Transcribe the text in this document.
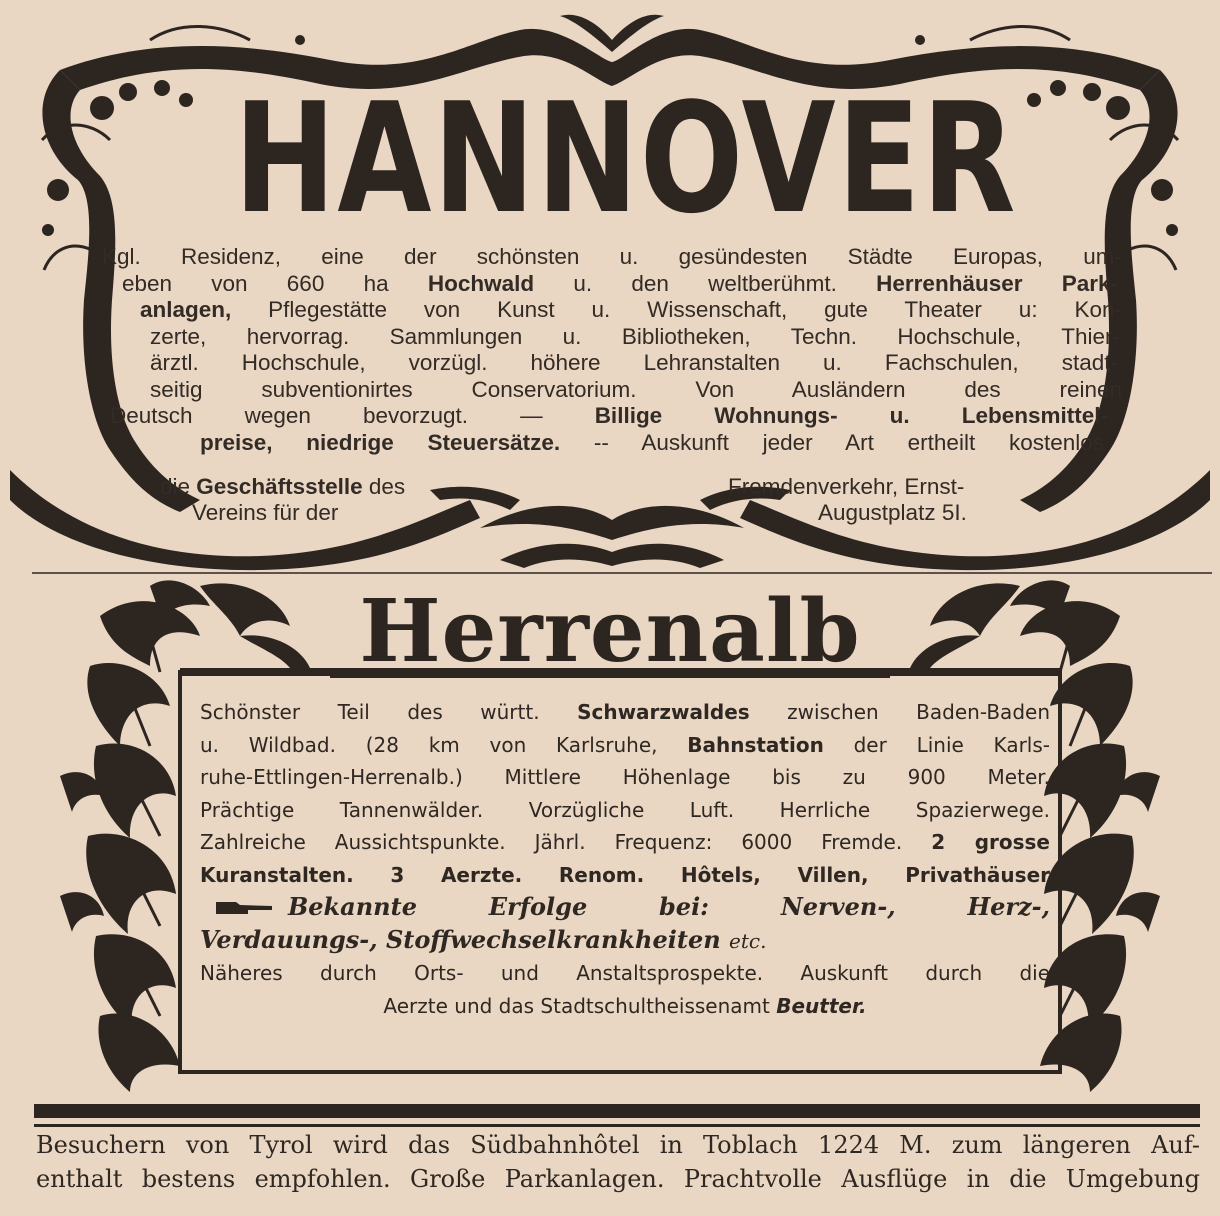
HANNOVER
Kgl. Residenz, eine der schönsten u. gesündesten Städte Europas, um-
eben von 660 ha Hochwald u. den weltberühmt. Herrenhäuser Park-
anlagen, Pflegestätte von Kunst u. Wissenschaft, gute Theater u: Kon-
zerte, hervorrag. Sammlungen u. Bibliotheken, Techn. Hochschule, Thier-
ärztl. Hochschule, vorzügl. höhere Lehranstalten u. Fachschulen, stadt-
seitig subventionirtes Conservatorium. Von Ausländern des reinen
Deutsch wegen bevorzugt. — Billige Wohnungs- u. Lebensmittel-
preise, niedrige Steuersätze. -- Auskunft jeder Art ertheilt kostenlos
die Geschäftsstelle des
Vereins für der
Fremdenverkehr, Ernst-
Augustplatz 5I.
Herrenalb
Schönster Teil des württ. Schwarzwaldes zwischen Baden-Baden
u. Wildbad. (28 km von Karlsruhe, Bahnstation der Linie Karls-
ruhe-Ettlingen-Herrenalb.) Mittlere Höhenlage bis zu 900 Meter.
Prächtige Tannenwälder. Vorzügliche Luft. Herrliche Spazierwege.
Zahlreiche Aussichtspunkte. Jährl. Frequenz: 6000 Fremde. 2 grosse
Kuranstalten. 3 Aerzte. Renom. Hôtels, Villen, Privathäuser
Bekannte Erfolge bei: Nerven-, Herz-,
Verdauungs-, Stoffwechselkrankheiten etc.
Näheres durch Orts- und Anstaltsprospekte. Auskunft durch die
Aerzte und das Stadtschultheissenamt Beutter.
Besuchern von Tyrol wird das Südbahnhôtel in Toblach 1224 M. zum längeren Auf-
enthalt bestens empfohlen. Große Parkanlagen. Prachtvolle Ausflüge in die Umgebung
